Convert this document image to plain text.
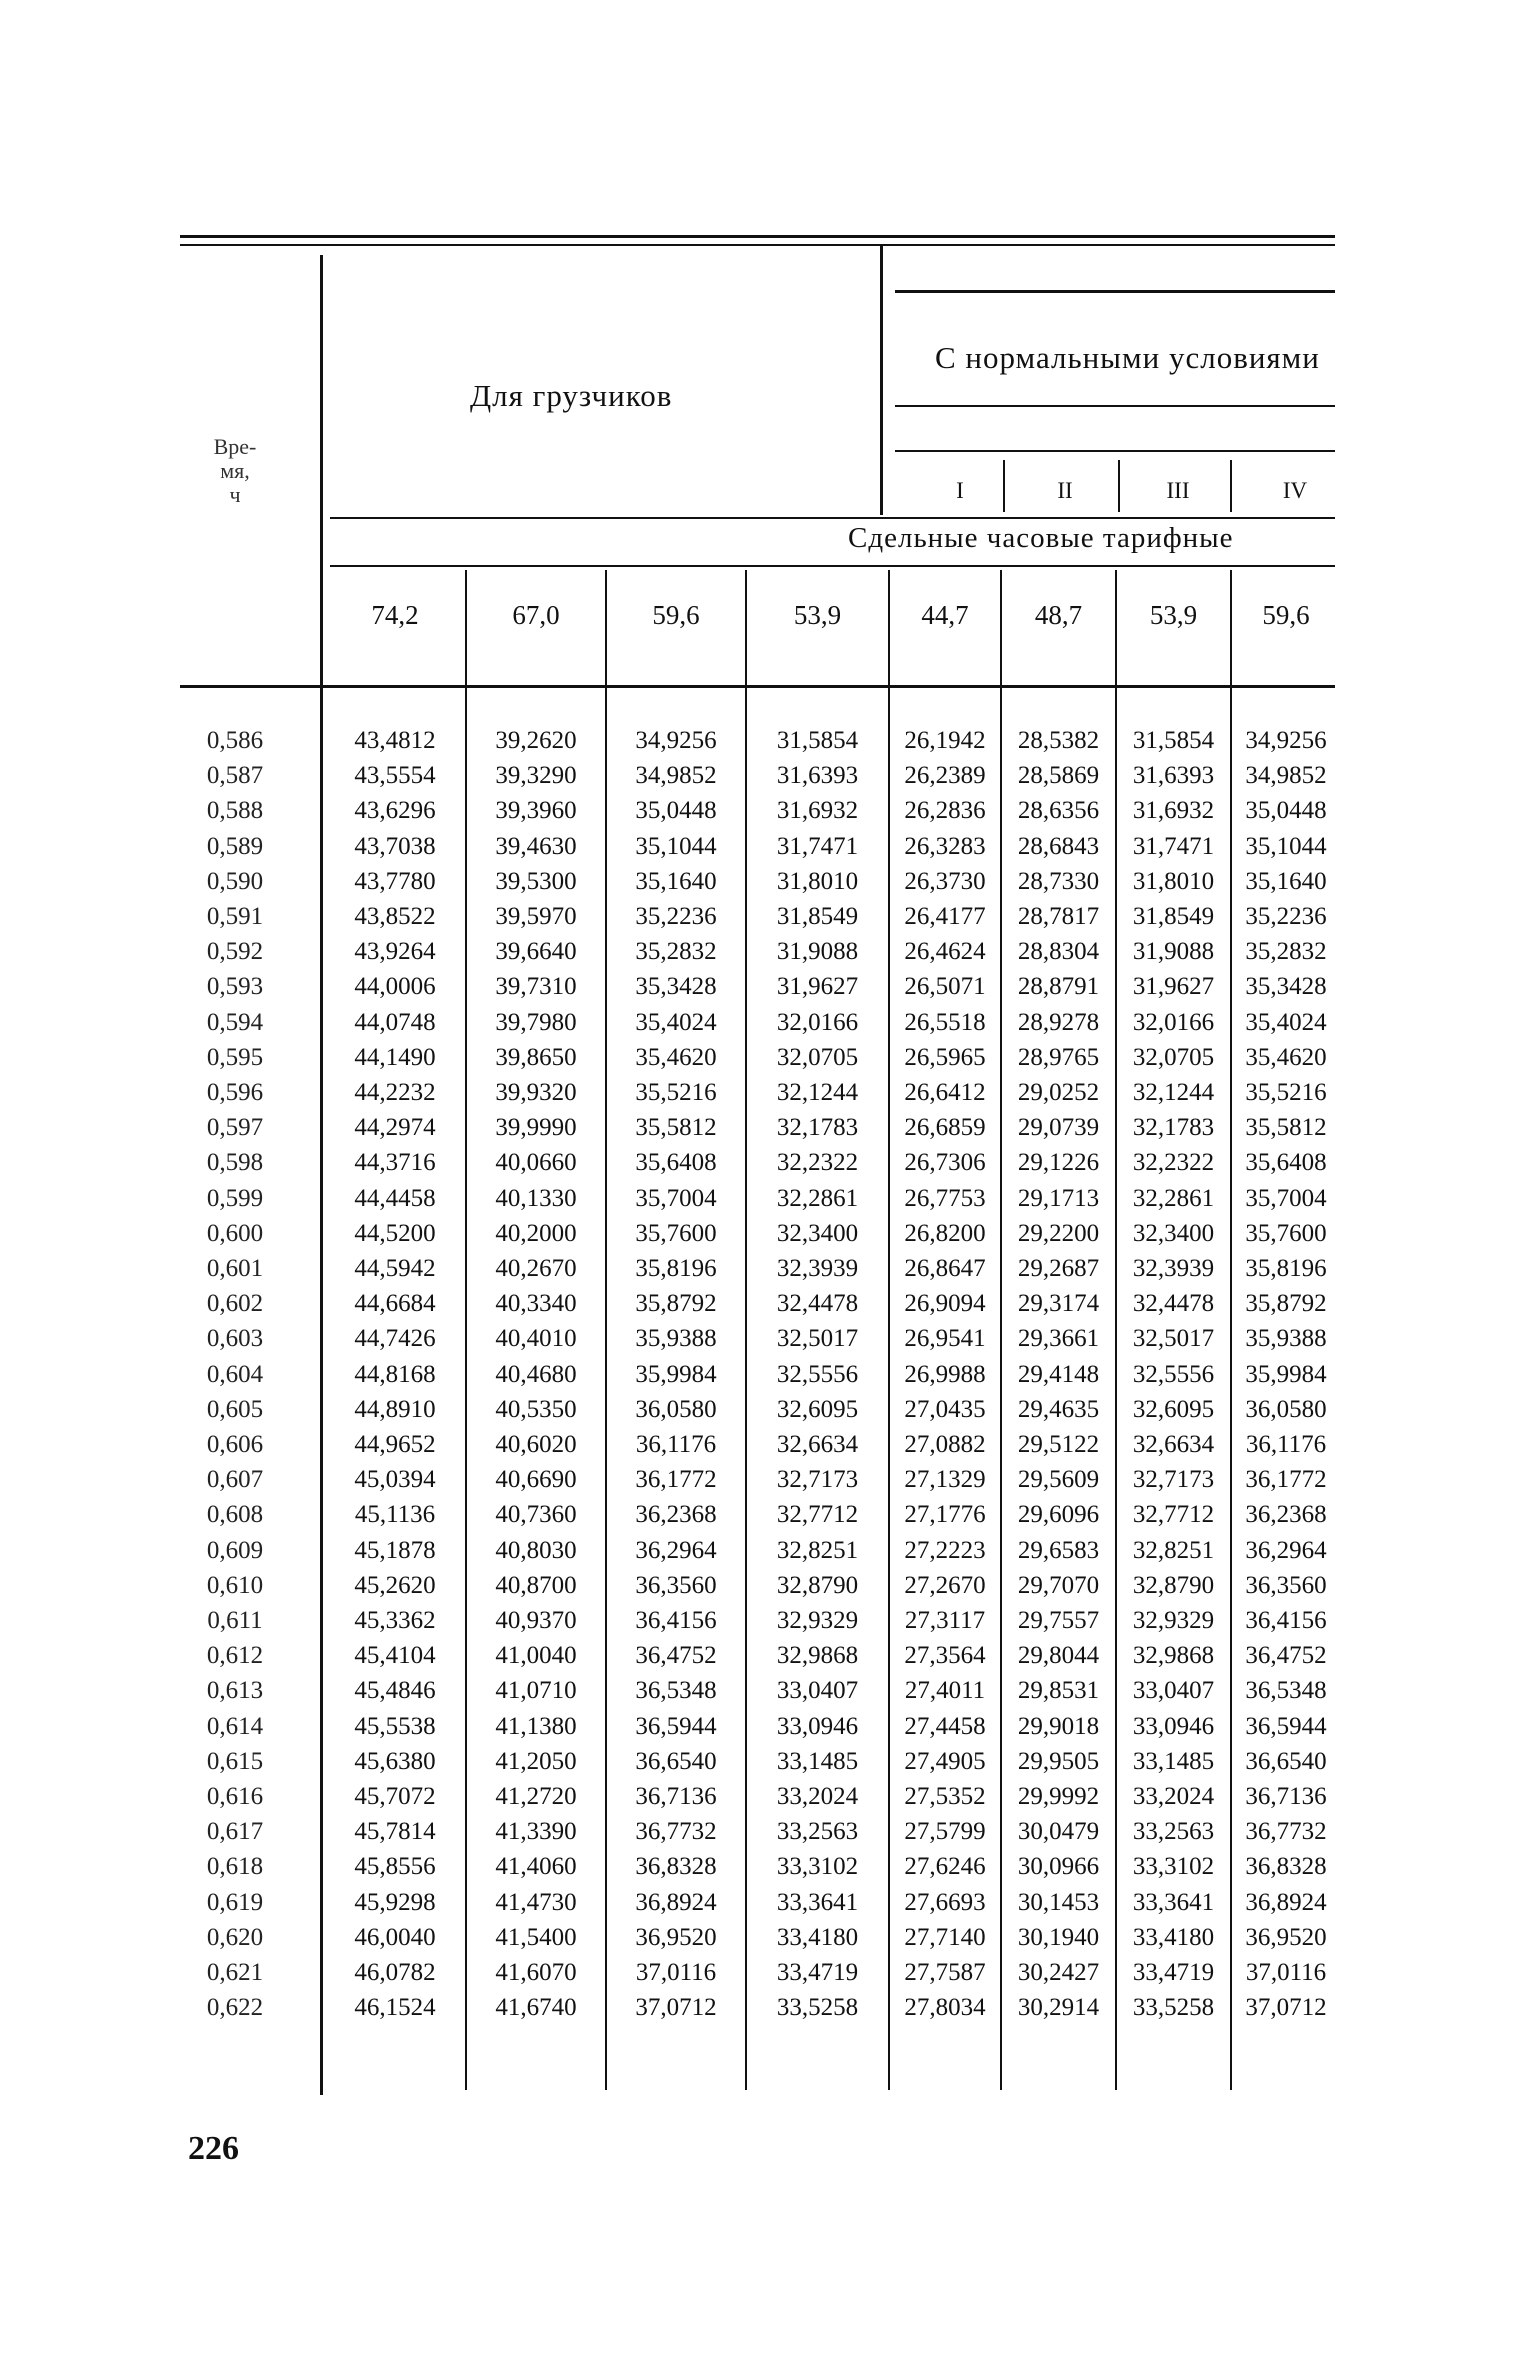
Вре-
мя,
ч
Для грузчиков
С нормальными условиями
I	II	III	IV
Сдельные часовые тарифные
74,2	67,0	59,6	53,9	44,7	48,7	53,9	59,6
0,586	43,4812	39,2620	34,9256	31,5854	26,1942	28,5382	31,5854	34,9256
0,587	43,5554	39,3290	34,9852	31,6393	26,2389	28,5869	31,6393	34,9852
0,588	43,6296	39,3960	35,0448	31,6932	26,2836	28,6356	31,6932	35,0448
0,589	43,7038	39,4630	35,1044	31,7471	26,3283	28,6843	31,7471	35,1044
0,590	43,7780	39,5300	35,1640	31,8010	26,3730	28,7330	31,8010	35,1640
0,591	43,8522	39,5970	35,2236	31,8549	26,4177	28,7817	31,8549	35,2236
0,592	43,9264	39,6640	35,2832	31,9088	26,4624	28,8304	31,9088	35,2832
0,593	44,0006	39,7310	35,3428	31,9627	26,5071	28,8791	31,9627	35,3428
0,594	44,0748	39,7980	35,4024	32,0166	26,5518	28,9278	32,0166	35,4024
0,595	44,1490	39,8650	35,4620	32,0705	26,5965	28,9765	32,0705	35,4620
0,596	44,2232	39,9320	35,5216	32,1244	26,6412	29,0252	32,1244	35,5216
0,597	44,2974	39,9990	35,5812	32,1783	26,6859	29,0739	32,1783	35,5812
0,598	44,3716	40,0660	35,6408	32,2322	26,7306	29,1226	32,2322	35,6408
0,599	44,4458	40,1330	35,7004	32,2861	26,7753	29,1713	32,2861	35,7004
0,600	44,5200	40,2000	35,7600	32,3400	26,8200	29,2200	32,3400	35,7600
0,601	44,5942	40,2670	35,8196	32,3939	26,8647	29,2687	32,3939	35,8196
0,602	44,6684	40,3340	35,8792	32,4478	26,9094	29,3174	32,4478	35,8792
0,603	44,7426	40,4010	35,9388	32,5017	26,9541	29,3661	32,5017	35,9388
0,604	44,8168	40,4680	35,9984	32,5556	26,9988	29,4148	32,5556	35,9984
0,605	44,8910	40,5350	36,0580	32,6095	27,0435	29,4635	32,6095	36,0580
0,606	44,9652	40,6020	36,1176	32,6634	27,0882	29,5122	32,6634	36,1176
0,607	45,0394	40,6690	36,1772	32,7173	27,1329	29,5609	32,7173	36,1772
0,608	45,1136	40,7360	36,2368	32,7712	27,1776	29,6096	32,7712	36,2368
0,609	45,1878	40,8030	36,2964	32,8251	27,2223	29,6583	32,8251	36,2964
0,610	45,2620	40,8700	36,3560	32,8790	27,2670	29,7070	32,8790	36,3560
0,611	45,3362	40,9370	36,4156	32,9329	27,3117	29,7557	32,9329	36,4156
0,612	45,4104	41,0040	36,4752	32,9868	27,3564	29,8044	32,9868	36,4752
0,613	45,4846	41,0710	36,5348	33,0407	27,4011	29,8531	33,0407	36,5348
0,614	45,5538	41,1380	36,5944	33,0946	27,4458	29,9018	33,0946	36,5944
0,615	45,6380	41,2050	36,6540	33,1485	27,4905	29,9505	33,1485	36,6540
0,616	45,7072	41,2720	36,7136	33,2024	27,5352	29,9992	33,2024	36,7136
0,617	45,7814	41,3390	36,7732	33,2563	27,5799	30,0479	33,2563	36,7732
0,618	45,8556	41,4060	36,8328	33,3102	27,6246	30,0966	33,3102	36,8328
0,619	45,9298	41,4730	36,8924	33,3641	27,6693	30,1453	33,3641	36,8924
0,620	46,0040	41,5400	36,9520	33,4180	27,7140	30,1940	33,4180	36,9520
0,621	46,0782	41,6070	37,0116	33,4719	27,7587	30,2427	33,4719	37,0116
0,622	46,1524	41,6740	37,0712	33,5258	27,8034	30,2914	33,5258	37,0712
226
